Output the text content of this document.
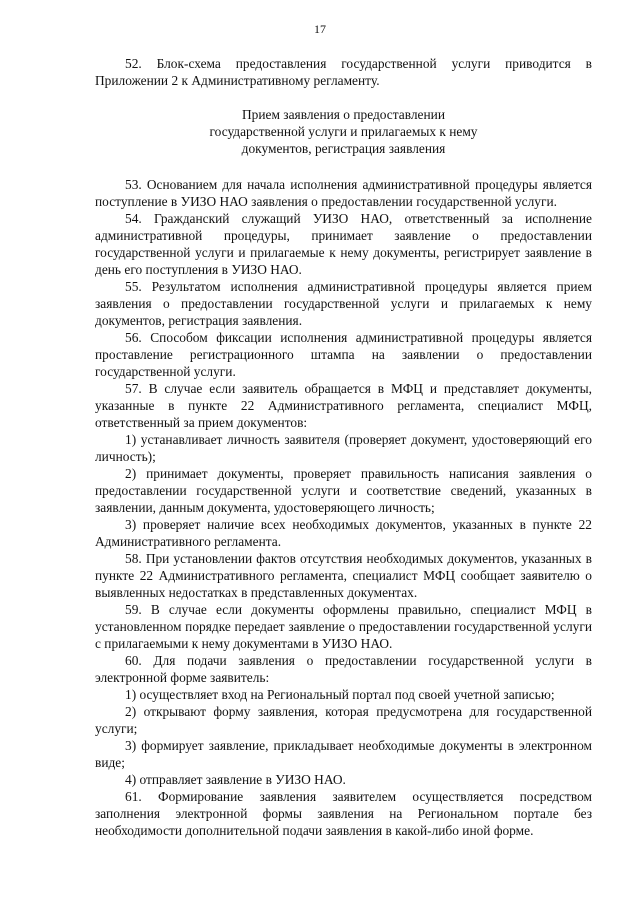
17

52. Блок-схема предоставления государственной услуги приводится в Приложении 2 к Административному регламенту.

Прием заявления о предоставлении
государственной услуги и прилагаемых к нему
документов, регистрация заявления

53. Основанием для начала исполнения административной процедуры является поступление в УИЗО НАО заявления о предоставлении государственной услуги.

54. Гражданский служащий УИЗО НАО, ответственный за исполнение административной процедуры, принимает заявление о предоставлении государственной услуги и прилагаемые к нему документы, регистрирует заявление в день его поступления в УИЗО НАО.

55. Результатом исполнения административной процедуры является прием заявления о предоставлении государственной услуги и прилагаемых к нему документов, регистрация заявления.

56. Способом фиксации исполнения административной процедуры является проставление регистрационного штампа на заявлении о предоставлении государственной услуги.

57. В случае если заявитель обращается в МФЦ и представляет документы, указанные в пункте 22 Административного регламента, специалист МФЦ, ответственный за прием документов:

1) устанавливает личность заявителя (проверяет документ, удостоверяющий его личность);

2) принимает документы, проверяет правильность написания заявления о предоставлении государственной услуги и соответствие сведений, указанных в заявлении, данным документа, удостоверяющего личность;

3) проверяет наличие всех необходимых документов, указанных в пункте 22 Административного регламента.

58. При установлении фактов отсутствия необходимых документов, указанных в пункте 22 Административного регламента, специалист МФЦ сообщает заявителю о выявленных недостатках в представленных документах.

59. В случае если документы оформлены правильно, специалист МФЦ в установленном порядке передает заявление о предоставлении государственной услуги с прилагаемыми к нему документами в УИЗО НАО.

60. Для подачи заявления о предоставлении государственной услуги в электронной форме заявитель:

1) осуществляет вход на Региональный портал под своей учетной записью;

2) открывают форму заявления, которая предусмотрена для государственной услуги;

3) формирует заявление, прикладывает необходимые документы в электронном виде;

4) отправляет заявление в УИЗО НАО.

61. Формирование заявления заявителем осуществляется посредством заполнения электронной формы заявления на Региональном портале без необходимости дополнительной подачи заявления в какой-либо иной форме.
